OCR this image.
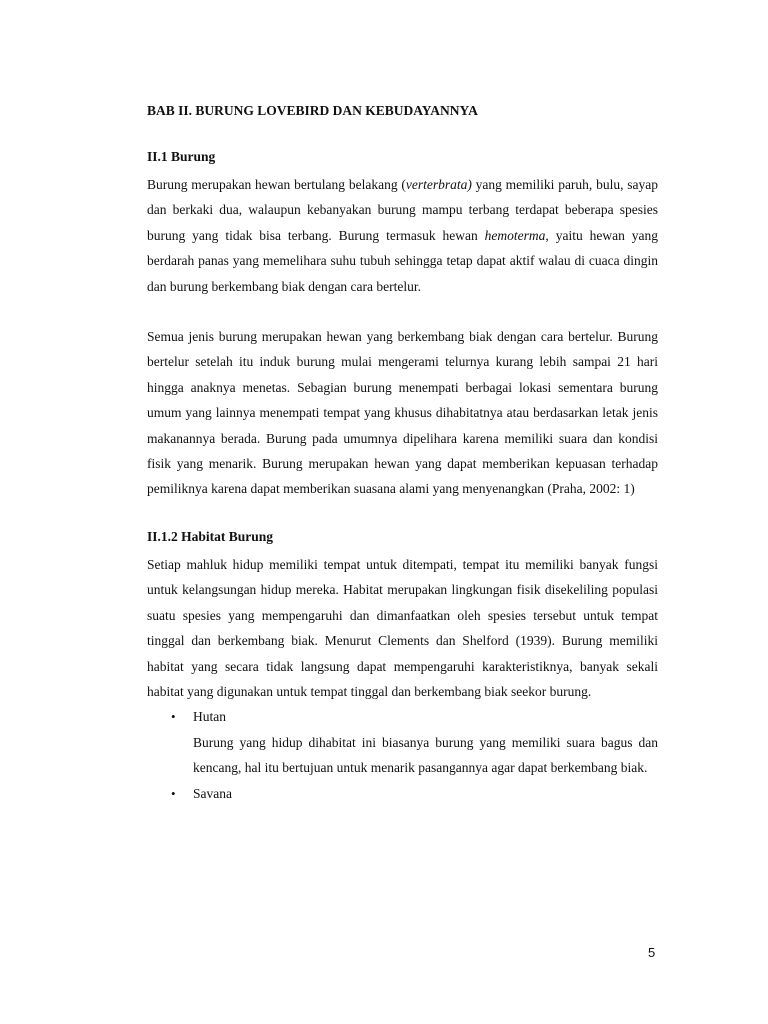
BAB II. BURUNG LOVEBIRD DAN KEBUDAYANNYA
II.1 Burung

Burung merupakan hewan bertulang belakang (verterbrata) yang memiliki paruh, bulu, sayap dan berkaki dua, walaupun kebanyakan burung mampu terbang terdapat beberapa spesies burung yang tidak bisa terbang. Burung termasuk hewan hemoterma, yaitu hewan yang berdarah panas yang memelihara suhu tubuh sehingga tetap dapat aktif walau di cuaca dingin dan burung berkembang biak dengan cara bertelur.

Semua jenis burung merupakan hewan yang berkembang biak dengan cara bertelur. Burung bertelur setelah itu induk burung mulai mengerami telurnya kurang lebih sampai 21 hari hingga anaknya menetas. Sebagian burung menempati berbagai lokasi sementara burung umum yang lainnya menempati tempat yang khusus dihabitatnya atau berdasarkan letak jenis makanannya berada. Burung pada umumnya dipelihara karena memiliki suara dan kondisi fisik yang menarik. Burung merupakan hewan yang dapat memberikan kepuasan terhadap pemiliknya karena dapat memberikan suasana alami yang menyenangkan (Praha, 2002: 1)

II.1.2 Habitat Burung

Setiap mahluk hidup memiliki tempat untuk ditempati, tempat itu memiliki banyak fungsi untuk kelangsungan hidup mereka. Habitat merupakan lingkungan fisik disekeliling populasi suatu spesies yang mempengaruhi dan dimanfaatkan oleh spesies tersebut untuk tempat tinggal dan berkembang biak. Menurut Clements dan Shelford (1939). Burung memiliki habitat yang secara tidak langsung dapat mempengaruhi karakteristiknya, banyak sekali habitat yang digunakan untuk tempat tinggal dan berkembang biak seekor burung.

• Hutan
Burung yang hidup dihabitat ini biasanya burung yang memiliki suara bagus dan kencang, hal itu bertujuan untuk menarik pasangannya agar dapat berkembang biak.
• Savana
5
